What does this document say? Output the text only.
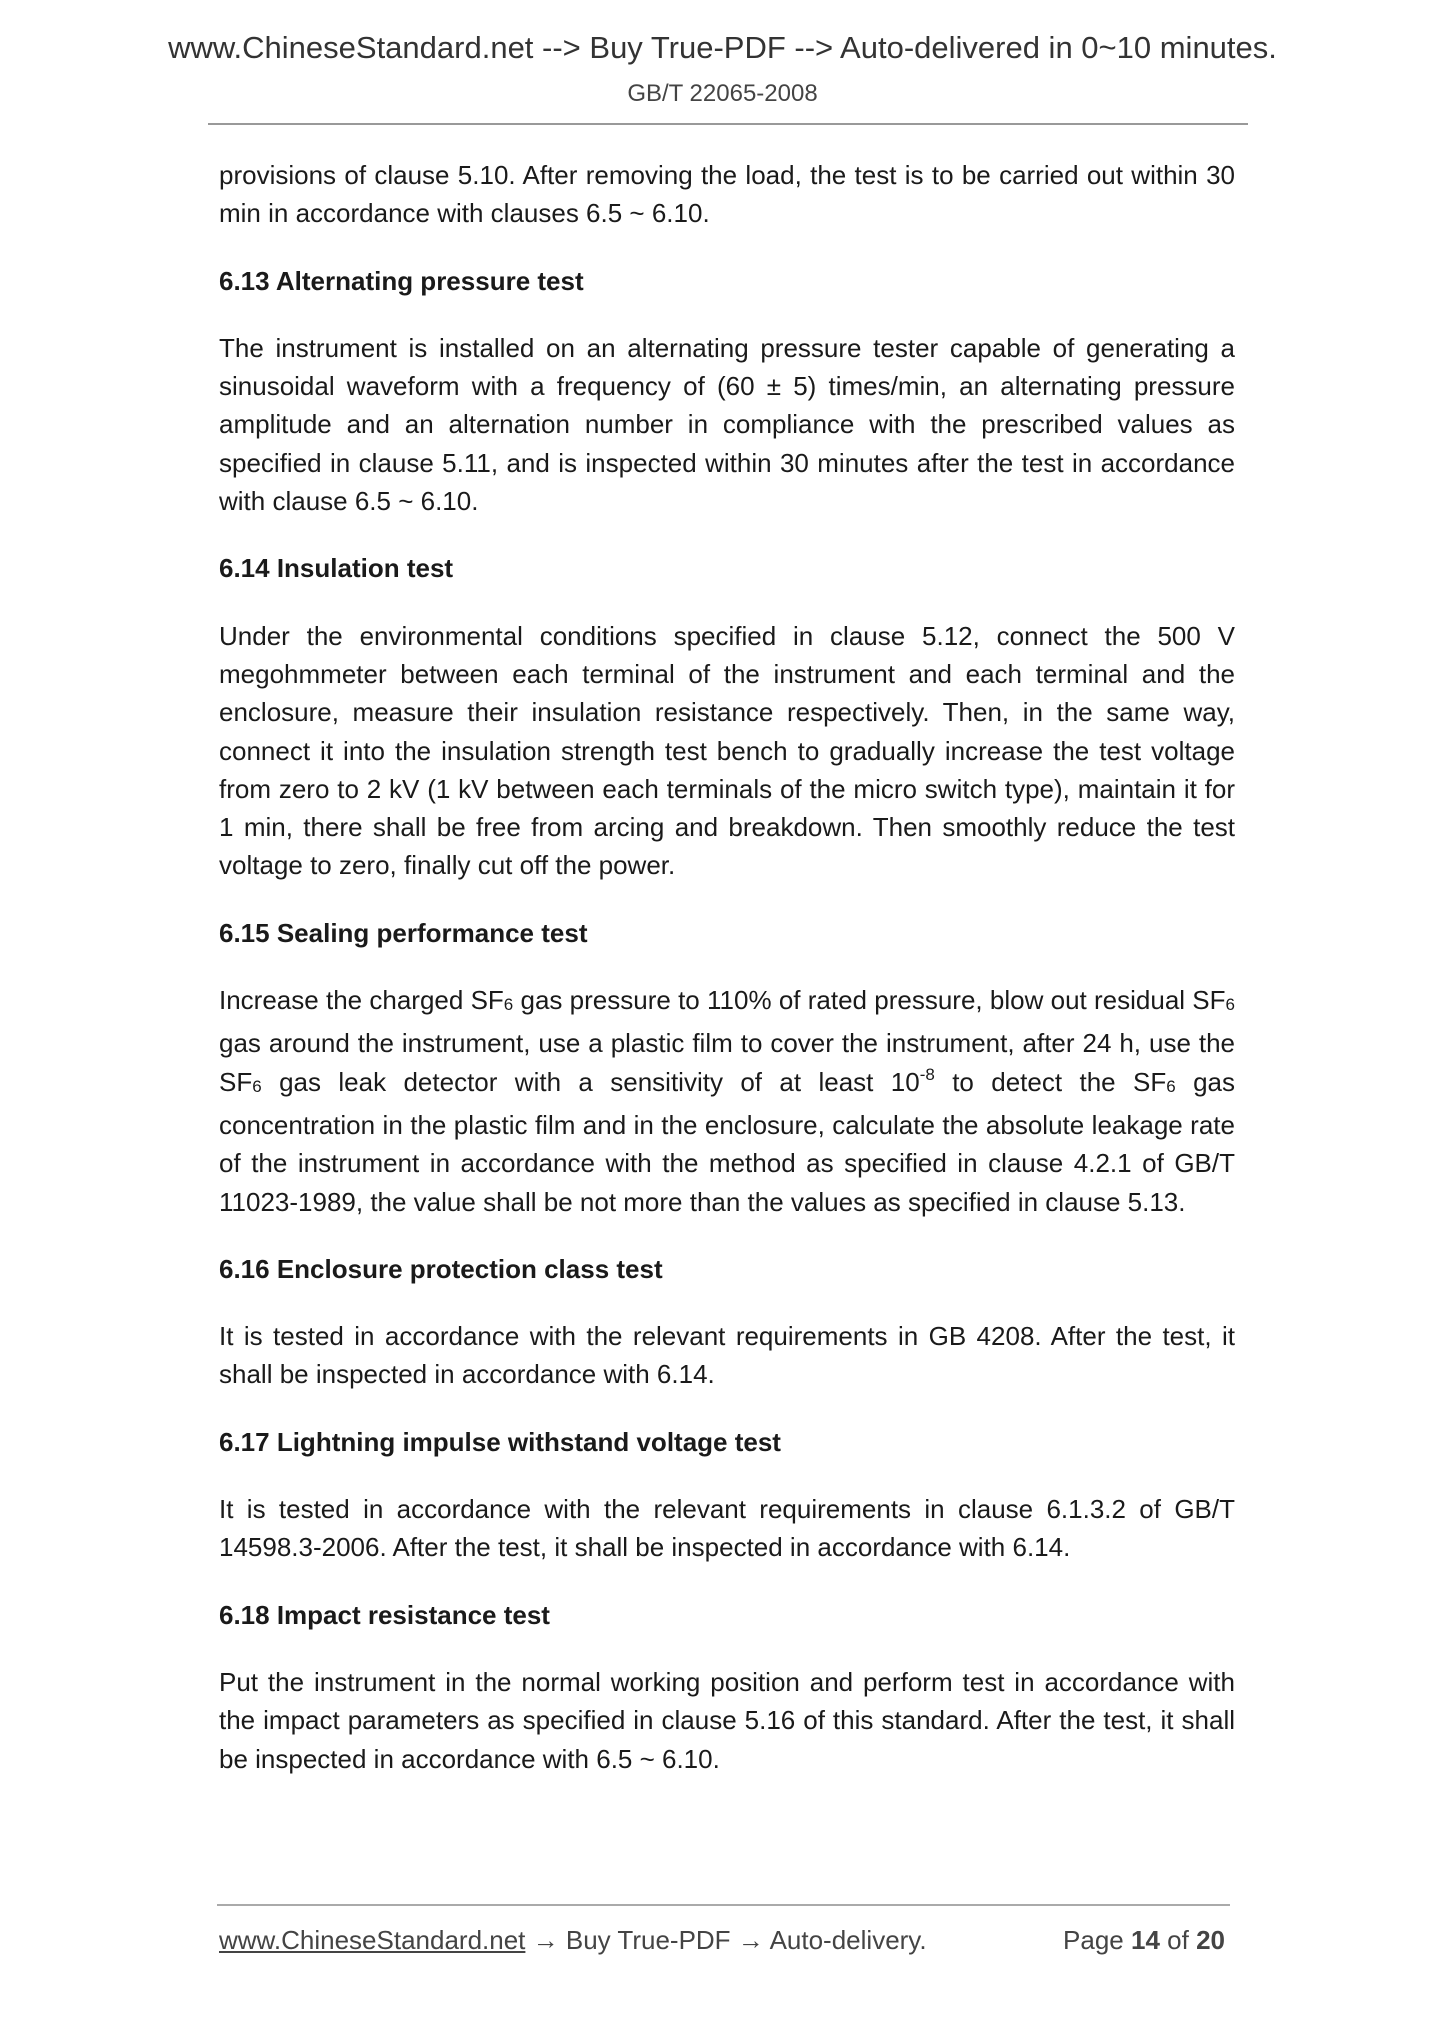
www.ChineseStandard.net --> Buy True-PDF --> Auto-delivered in 0~10 minutes.
GB/T 22065-2008

provisions of clause 5.10. After removing the load, the test is to be carried out within 30 min in accordance with clauses 6.5 ~ 6.10.

6.13 Alternating pressure test

The instrument is installed on an alternating pressure tester capable of generating a sinusoidal waveform with a frequency of (60 ± 5) times/min, an alternating pressure amplitude and an alternation number in compliance with the prescribed values as specified in clause 5.11, and is inspected within 30 minutes after the test in accordance with clause 6.5 ~ 6.10.

6.14 Insulation test

Under the environmental conditions specified in clause 5.12, connect the 500 V megohmmeter between each terminal of the instrument and each terminal and the enclosure, measure their insulation resistance respectively. Then, in the same way, connect it into the insulation strength test bench to gradually increase the test voltage from zero to 2 kV (1 kV between each terminals of the micro switch type), maintain it for 1 min, there shall be free from arcing and breakdown. Then smoothly reduce the test voltage to zero, finally cut off the power.

6.15 Sealing performance test

Increase the charged $SF_6$ gas pressure to 110% of rated pressure, blow out residual $SF_6$ gas around the instrument, use a plastic film to cover the instrument, after 24 h, use the $SF_6$ gas leak detector with a sensitivity of at least $10^{-8}$ to detect the $SF_6$ gas concentration in the plastic film and in the enclosure, calculate the absolute leakage rate of the instrument in accordance with the method as specified in clause 4.2.1 of GB/T 11023-1989, the value shall be not more than the values as specified in clause 5.13.

6.16 Enclosure protection class test

It is tested in accordance with the relevant requirements in GB 4208. After the test, it shall be inspected in accordance with 6.14.

6.17 Lightning impulse withstand voltage test

It is tested in accordance with the relevant requirements in clause 6.1.3.2 of GB/T 14598.3-2006. After the test, it shall be inspected in accordance with 6.14.

6.18 Impact resistance test

Put the instrument in the normal working position and perform test in accordance with the impact parameters as specified in clause 5.16 of this standard. After the test, it shall be inspected in accordance with 6.5 ~ 6.10.

www.ChineseStandard.net → Buy True-PDF → Auto-delivery.	Page 14 of 20
